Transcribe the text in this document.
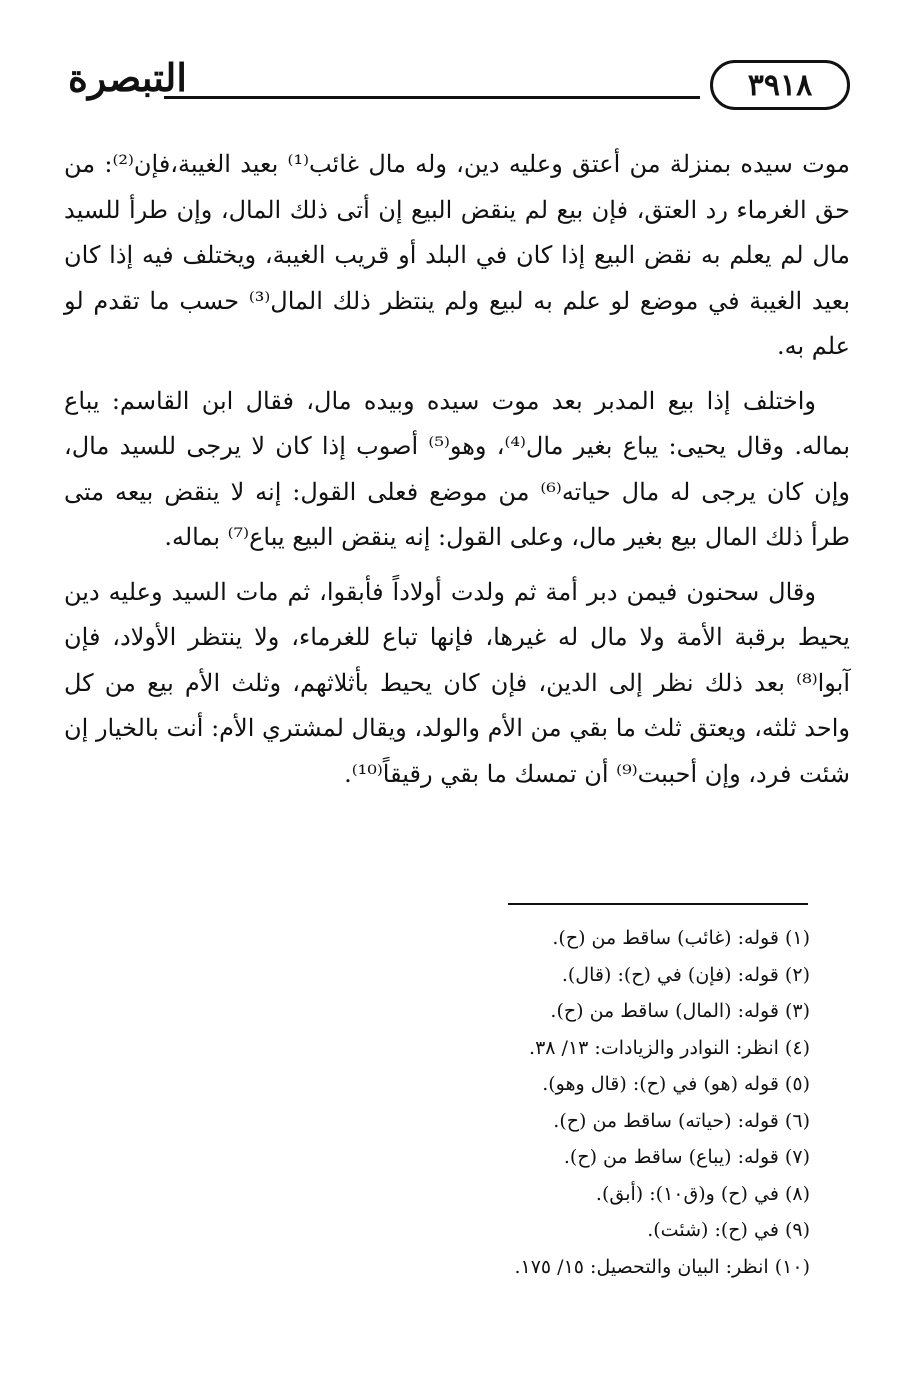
التبصرة	٣٩١٨

موت سيده بمنزلة من أعتق وعليه دين، وله مال غائب⁽¹⁾ بعيد الغيبة،فإن⁽²⁾: من حق الغرماء رد العتق، فإن بيع لم ينقض البيع إن أتى ذلك المال، وإن طرأ للسيد مال لم يعلم به نقض البيع إذا كان في البلد أو قريب الغيبة، ويختلف فيه إذا كان بعيد الغيبة في موضع لو علم به لبيع ولم ينتظر ذلك المال⁽³⁾ حسب ما تقدم لو علم به.

واختلف إذا بيع المدبر بعد موت سيده وبيده مال، فقال ابن القاسم: يباع بماله. وقال يحيى: يباع بغير مال⁽⁴⁾، وهو⁽⁵⁾ أصوب إذا كان لا يرجى للسيد مال، وإن كان يرجى له مال حياته⁽⁶⁾ من موضع فعلى القول: إنه لا ينقض بيعه متى طرأ ذلك المال بيع بغير مال، وعلى القول: إنه ينقض البيع يباع⁽⁷⁾ بماله.

وقال سحنون فيمن دبر أمة ثم ولدت أولاداً فأبقوا، ثم مات السيد وعليه دين يحيط برقبة الأمة ولا مال له غيرها، فإنها تباع للغرماء، ولا ينتظر الأولاد، فإن آبوا⁽⁸⁾ بعد ذلك نظر إلى الدين، فإن كان يحيط بأثلاثهم، وثلث الأم بيع من كل واحد ثلثه، ويعتق ثلث ما بقي من الأم والولد، ويقال لمشتري الأم: أنت بالخيار إن شئت فرد، وإن أحببت⁽⁹⁾ أن تمسك ما بقي رقيقاً⁽¹⁰⁾.

(١) قوله: (غائب) ساقط من (ح).

(٢) قوله: (فإن) في (ح): (قال).

(٣) قوله: (المال) ساقط من (ح).

(٤) انظر: النوادر والزيادات: ١٣/ ٣٨.

(٥) قوله (هو) في (ح): (قال وهو).

(٦) قوله: (حياته) ساقط من (ح).

(٧) قوله: (يباع) ساقط من (ح).

(٨) في (ح) و(ق١٠): (أبق).

(٩) في (ح): (شئت).

(١٠) انظر: البيان والتحصيل: ١٥/ ١٧٥.
